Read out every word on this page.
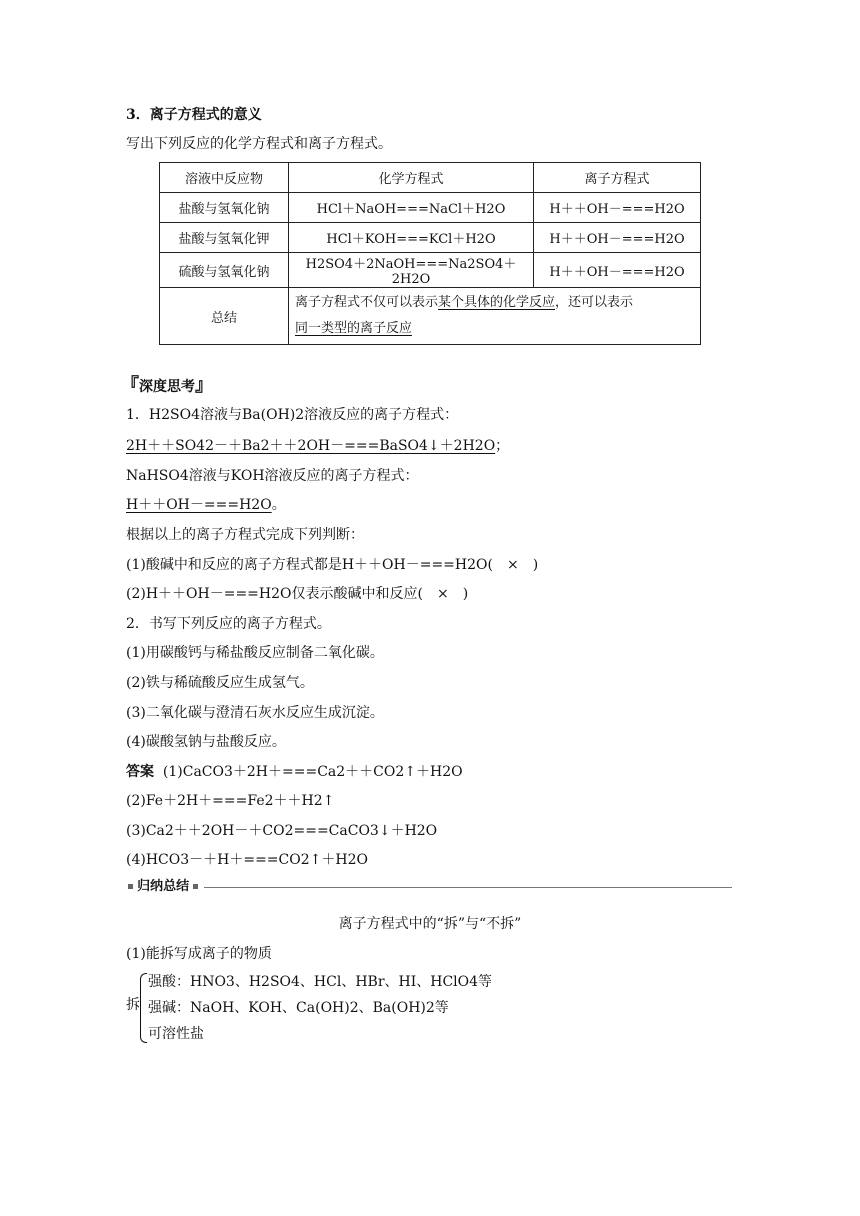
3．离子方程式的意义
写出下列反应的化学方程式和离子方程式。
溶液中反应物	化学方程式	离子方程式
盐酸与氢氧化钠	HCl＋NaOH===NaCl＋H2O	H＋＋OH－===H2O
盐酸与氢氧化钾	HCl＋KOH===KCl＋H2O	H＋＋OH－===H2O
硫酸与氢氧化钠	H2SO4＋2NaOH===Na2SO4＋2H2O	H＋＋OH－===H2O
总结	离子方程式不仅可以表示某个具体的化学反应，还可以表示
同一类型的离子反应	
『深度思考』
1．H2SO4溶液与Ba(OH)2溶液反应的离子方程式：
2H＋＋SO42－＋Ba2＋＋2OH－===BaSO4↓＋2H2O；
NaHSO4溶液与KOH溶液反应的离子方程式：
H＋＋OH－===H2O。
根据以上的离子方程式完成下列判断：
(1)酸碱中和反应的离子方程式都是H＋＋OH－===H2O(　×　)
(2)H＋＋OH－===H2O仅表示酸碱中和反应(　×　)
2．书写下列反应的离子方程式。
(1)用碳酸钙与稀盐酸反应制备二氧化碳。
(2)铁与稀硫酸反应生成氢气。
(3)二氧化碳与澄清石灰水反应生成沉淀。
(4)碳酸氢钠与盐酸反应。
答案 (1)CaCO3＋2H＋===Ca2＋＋CO2↑＋H2O
(2)Fe＋2H＋===Fe2＋＋H2↑
(3)Ca2＋＋2OH－＋CO2===CaCO3↓＋H2O
(4)HCO3－＋H＋===CO2↑＋H2O
归纳总结
离子方程式中的“拆”与“不拆”
(1)能拆写成离子的物质
拆
强酸：HNO3、H2SO4、HCl、HBr、HI、HClO4等
强碱：NaOH、KOH、Ca(OH)2、Ba(OH)2等
可溶性盐
